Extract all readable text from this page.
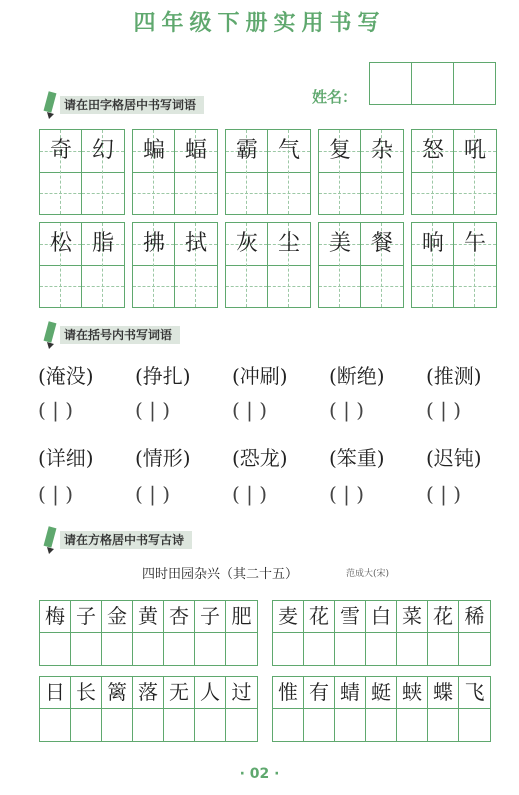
四年级下册实用书写
姓名：
请在田字格居中书写词语
奇 幻	蝙 蝠	霸 气	复 杂	怒 吼
松 脂	拂 拭	灰 尘	美 餐	晌 午
请在括号内书写词语
(淹没)	(挣扎)	(冲刷)	(断绝)	(推测)
( | )	( | )	( | )	( | )	( | )
(详细)	(情形)	(恐龙)	(笨重)	(迟钝)
( | )	( | )	( | )	( | )	( | )
请在方格居中书写古诗
四时田园杂兴（其二十五）	范成大(宋)
梅 子 金 黄 杏 子 肥 麦 花 雪 白 菜 花 稀
日 长 篱 落 无 人 过 惟 有 蜻 蜓 蛱 蝶 飞
· 02 ·
